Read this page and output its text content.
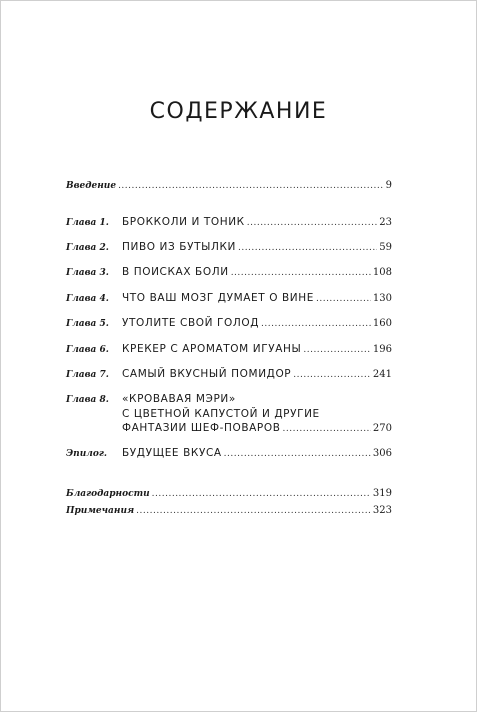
СОДЕРЖАНИЕ
Введение .....	9
Глава 1.	БРОККОЛИ И ТОНИК .....	23
Глава 2.	ПИВО ИЗ БУТЫЛКИ .....	59
Глава 3.	В ПОИСКАХ БОЛИ .....	108
Глава 4.	ЧТО ВАШ МОЗГ ДУМАЕТ О ВИНЕ .....	130
Глава 5.	УТОЛИТЕ СВОЙ ГОЛОД .....	160
Глава 6.	КРЕКЕР С АРОМАТОМ ИГУАНЫ .....	196
Глава 7.	САМЫЙ ВКУСНЫЙ ПОМИДОР .....	241
Глава 8.	«КРОВАВАЯ МЭРИ»
С ЦВЕТНОЙ КАПУСТОЙ И ДРУГИЕ
ФАНТАЗИИ ШЕФ-ПОВАРОВ .....	270
Эпилог.	БУДУЩЕЕ ВКУСА .....	306
Благодарности .....	319
Примечания .....	323
